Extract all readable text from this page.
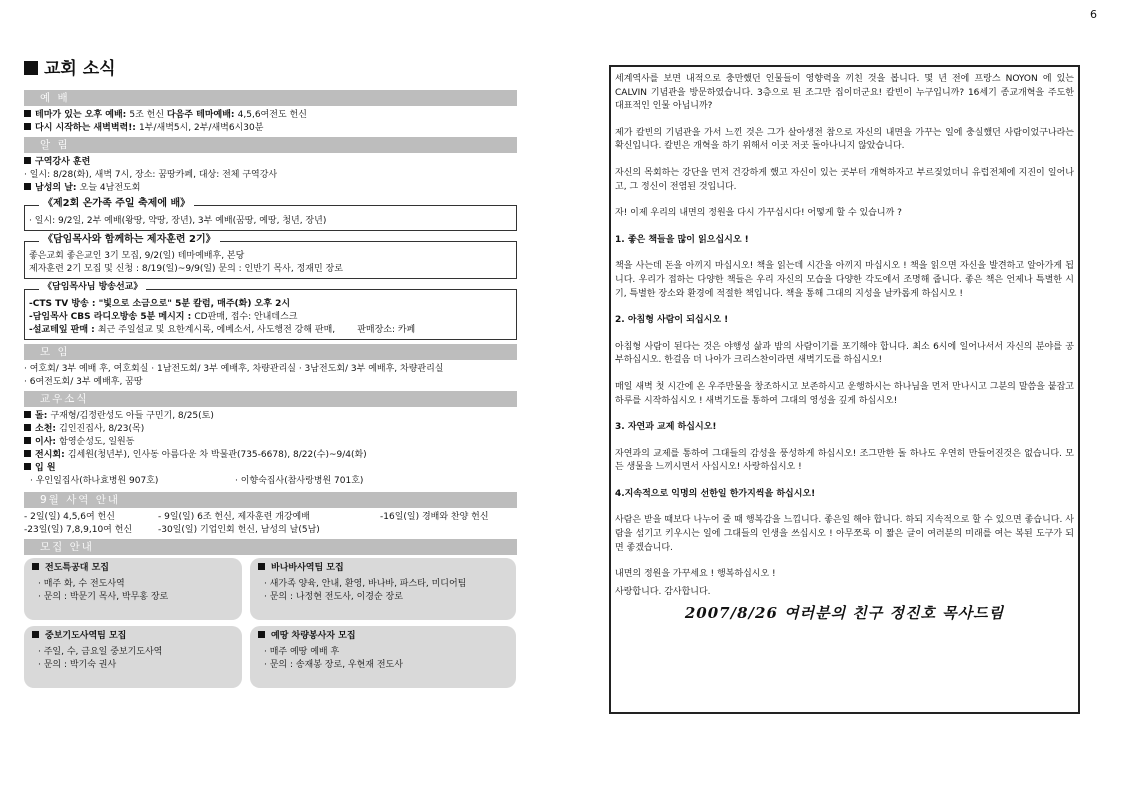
6
교회 소식
예 배
테마가 있는 오후 예배: 5조 헌신 다음주 테마예배: 4,5,6여전도 헌신
다시 시작하는 새벽벽력!: 1부/새벽5시, 2부/새벽6시30분
알 림
구역강사 훈련
· 일시: 8/28(화), 새벽 7시, 장소: 꿈땅카페, 대상: 전체 구역강사
남성의 날: 오늘 4남전도회
《제2회 온가족 주일 축제에 배》
· 일시: 9/2일, 2부 예배(왕땅, 약땅, 장년), 3부 예배(꿈땅, 예땅, 청년, 장년)
《담임목사와 함께하는 제자훈련 2기》
좋은교회 좋은교인 3기 모집, 9/2(일) 테마예배후, 본당
제자훈련 2기 모집 및 신청 : 8/19(일)~9/9(일) 문의 : 인반기 목사, 정재민 장로
《담임목사님 방송선교》
-CTS TV 방송 : "빛으로 소금으로" 5분 칼럼, 매주(화) 오후 2시
-담임목사 CBS 라디오방송 5분 메시지 : CD판매, 접수: 안내데스크
-설교테잎 판매 : 최근 주일설교 및 요한계시록, 에베소서, 사도행전 강해 판매, 판매장소: 카페
모 임
· 여호회/ 3부 예배 후, 여호회실 · 1남전도회/ 3부 예배후, 차량관리실 · 3남전도회/ 3부 예배후, 차량관리실
· 6여전도회/ 3부 예배후, 꿈땅
교우소식
돌: 구재형/김정란성도 아들 구민기, 8/25(토)
소천: 김인진집사, 8/23(목)
이사: 함영순성도, 일원동
전시회: 김세원(청년부), 인사동 아름다운 차 박물관(735-6678), 8/22(수)~9/4(화)
입 원
· 우인일집사(하나효병원 907호)	· 이향숙집사(참사랑병원 701호)
9월 사역 안내
- 2일(일) 4,5,6여 헌신	- 9일(일) 6조 헌신, 제자훈련 개강예배	-16일(일) 경배와 찬양 헌신
-23일(일) 7,8,9,10여 헌신	-30일(일) 기업인회 헌신, 남성의 날(5남)
모집 안내
전도특공대 모집
· 매주 화, 수 전도사역
· 문의 : 박문기 목사, 박무홍 장로
바나바사역팀 모집
· 새가족 양육, 안내, 환영, 바나바, 파스타, 미디어팀
· 문의 : 나정현 전도사, 이경순 장로
중보기도사역팀 모집
· 주일, 수, 금요일 중보기도사역
· 문의 : 박기숙 권사
예땅 차량봉사자 모집
· 매주 예땅 예배 후
· 문의 : 송재봉 장로, 우현재 전도사

세계역사를 보면 내적으로 충만했던 인물들이 영향력을 끼친 것을 봅니다. 몇 년 전에 프랑스 NOYON 에 있는 CALVIN 기념관을 방문하였습니다. 3층으로 된 조그만 집이더군요! 칼빈이 누구입니까? 16세기 종교개혁을 주도한 대표적인 인물 아닙니까?

제가 칼빈의 기념관을 가서 느낀 것은 그가 살아생전 참으로 자신의 내면을 가꾸는 일에 충실했던 사람이었구나라는 확신입니다. 칼빈은 개혁을 하기 위해서 이곳 저곳 돌아나니지 않았습니다.

자신의 목회하는 강단을 먼저 건강하게 했고 자신이 있는 곳부터 개혁하자고 부르짖었더니 유럽전체에 지진이 일어나고, 그 정신이 전염된 것입니다.

자! 이제 우리의 내면의 정원을 다시 가꾸십시다! 어떻게 할 수 있습니까 ?

1. 좋은 책들을 많이 읽으십시오 !

책을 사는데 돈을 아끼지 마십시오! 책을 읽는데 시간을 아끼지 마십시오 ! 책을 읽으면 자신을 발견하고 알아가게 됩니다. 우리가 접하는 다양한 책들은 우리 자신의 모습을 다양한 각도에서 조명해 줍니다. 좋은 책은 언제나 특별한 시기, 특별한 장소와 환경에 적절한 책입니다. 책을 통해 그대의 지성을 날카롭게 하십시오 !

2. 아침형 사람이 되십시오 !

아침형 사람이 된다는 것은 야행성 삶과 밤의 사람이기를 포기해야 합니다. 최소 6시에 일어나서서 자신의 분야를 공부하십시오. 한걸음 더 나아가 크리스찬이라면 새벽기도를 하십시오!

매일 새벽 첫 시간에 온 우주만물을 창조하시고 보존하시고 운행하시는 하나님을 먼저 만나시고 그분의 말씀을 붙잡고 하루를 시작하십시오 ! 새벽기도를 통하여 그대의 영성을 깊게 하십시오!

3. 자연과 교제 하십시오!

자연과의 교제를 통하여 그대들의 감성을 풍성하게 하십시오! 조그만한 돌 하나도 우연히 만들어진것은 없습니다. 모든 생물을 느끼시면서 사십시오! 사랑하십시오 !

4.지속적으로 익명의 선한일 한가지씩을 하십시오!

사람은 받을 때보다 나누어 줄 때 행복감을 느낍니다. 좋은일 해야 합니다. 하되 지속적으로 할 수 있으면 좋습니다. 사람을 섬기고 키우시는 일에 그대들의 인생을 쓰십시오 ! 아무쪼록 이 짧은 글이 여러분의 미래를 여는 복된 도구가 되면 좋겠습니다.

내면의 정원을 가꾸세요 ! 행복하십시오 !

사랑합니다. 감사합니다.

2007/8/26 여러분의 친구 정진호 목사드림
